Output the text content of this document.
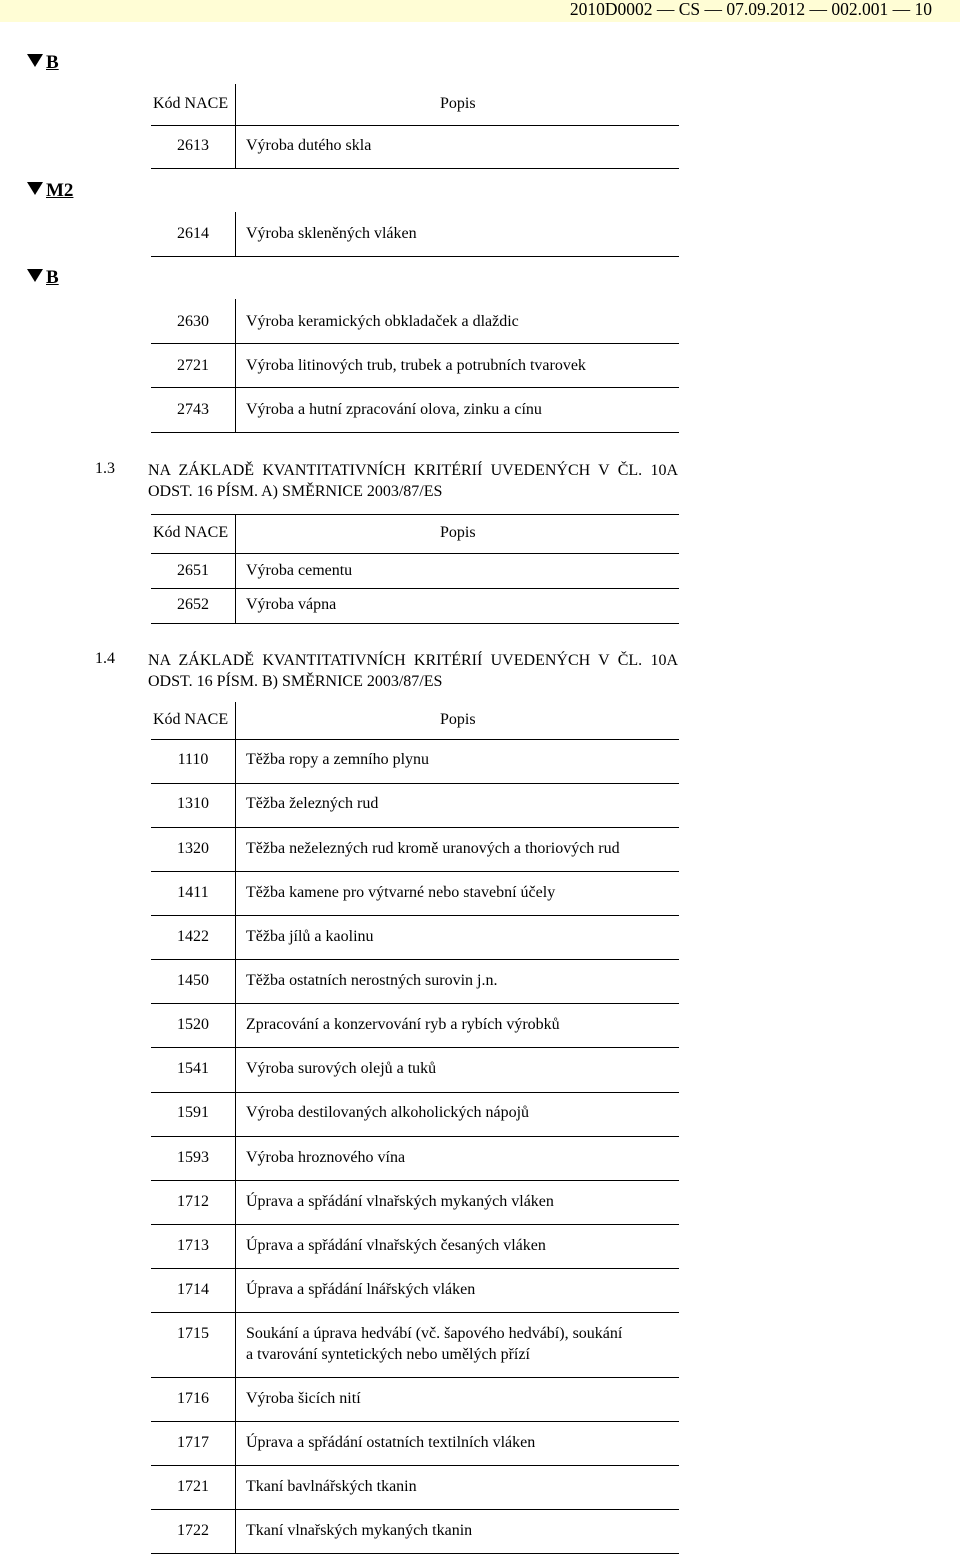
2010D0002 — CS — 07.09.2012 — 002.001 — 10
B
M2
B
Kód NACE	Popis
2613	Výroba dutého skla
2614	Výroba skleněných vláken
2630	Výroba keramických obkladaček a dlaždic
2721	Výroba litinových trub, trubek a potrubních tvarovek
2743	Výroba a hutní zpracování olova, zinku a cínu
1.3 NA ZÁKLADĚ KVANTITATIVNÍCH KRITÉRIÍ UVEDENÝCH V ČL. 10A ODST. 16 PÍSM. A) SMĚRNICE 2003/87/ES
Kód NACE	Popis
2651	Výroba cementu
2652	Výroba vápna
1.4 NA ZÁKLADĚ KVANTITATIVNÍCH KRITÉRIÍ UVEDENÝCH V ČL. 10A ODST. 16 PÍSM. B) SMĚRNICE 2003/87/ES
Kód NACE	Popis
1110	Těžba ropy a zemního plynu
1310	Těžba železných rud
1320	Těžba neželezných rud kromě uranových a thoriových rud
1411	Těžba kamene pro výtvarné nebo stavební účely
1422	Těžba jílů a kaolinu
1450	Těžba ostatních nerostných surovin j.n.
1520	Zpracování a konzervování ryb a rybích výrobků
1541	Výroba surových olejů a tuků
1591	Výroba destilovaných alkoholických nápojů
1593	Výroba hroznového vína
1712	Úprava a spřádání vlnařských mykaných vláken
1713	Úprava a spřádání vlnařských česaných vláken
1714	Úprava a spřádání lnářských vláken
1715	Soukání a úprava hedvábí (vč. šapového hedvábí), soukání
a tvarování syntetických nebo umělých přízí
1716	Výroba šicích nití
1717	Úprava a spřádání ostatních textilních vláken
1721	Tkaní bavlnářských tkanin
1722	Tkaní vlnařských mykaných tkanin
